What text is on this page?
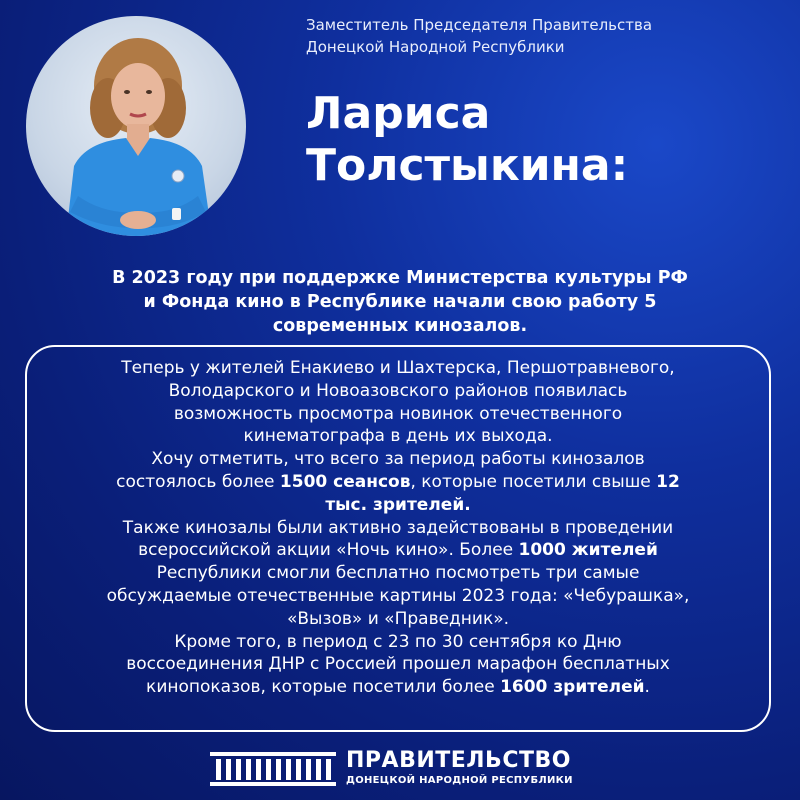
Заместитель Председателя Правительства
Донецкой Народной Республики

Лариса
Толстыкина:

В 2023 году при поддержке Министерства культуры РФ
и Фонда кино в Республике начали свою работу 5
современных кинозалов.

Теперь у жителей Енакиево и Шахтерска, Першотравневого,
Володарского и Новоазовского районов появилась
возможность просмотра новинок отечественного
кинематографа в день их выхода.
Хочу отметить, что всего за период работы кинозалов
состоялось более 1500 сеансов, которые посетили свыше 12
тыс. зрителей.
Также кинозалы были активно задействованы в проведении
всероссийской акции «Ночь кино». Более 1000 жителей
Республики смогли бесплатно посмотреть три самые
обсуждаемые отечественные картины 2023 года: «Чебурашка»,
«Вызов» и «Праведник».
Кроме того, в период с 23 по 30 сентября ко Дню
воссоединения ДНР с Россией прошел марафон бесплатных
кинопоказов, которые посетили более 1600 зрителей.

ПРАВИТЕЛЬСТВО
ДОНЕЦКОЙ НАРОДНОЙ РЕСПУБЛИКИ
